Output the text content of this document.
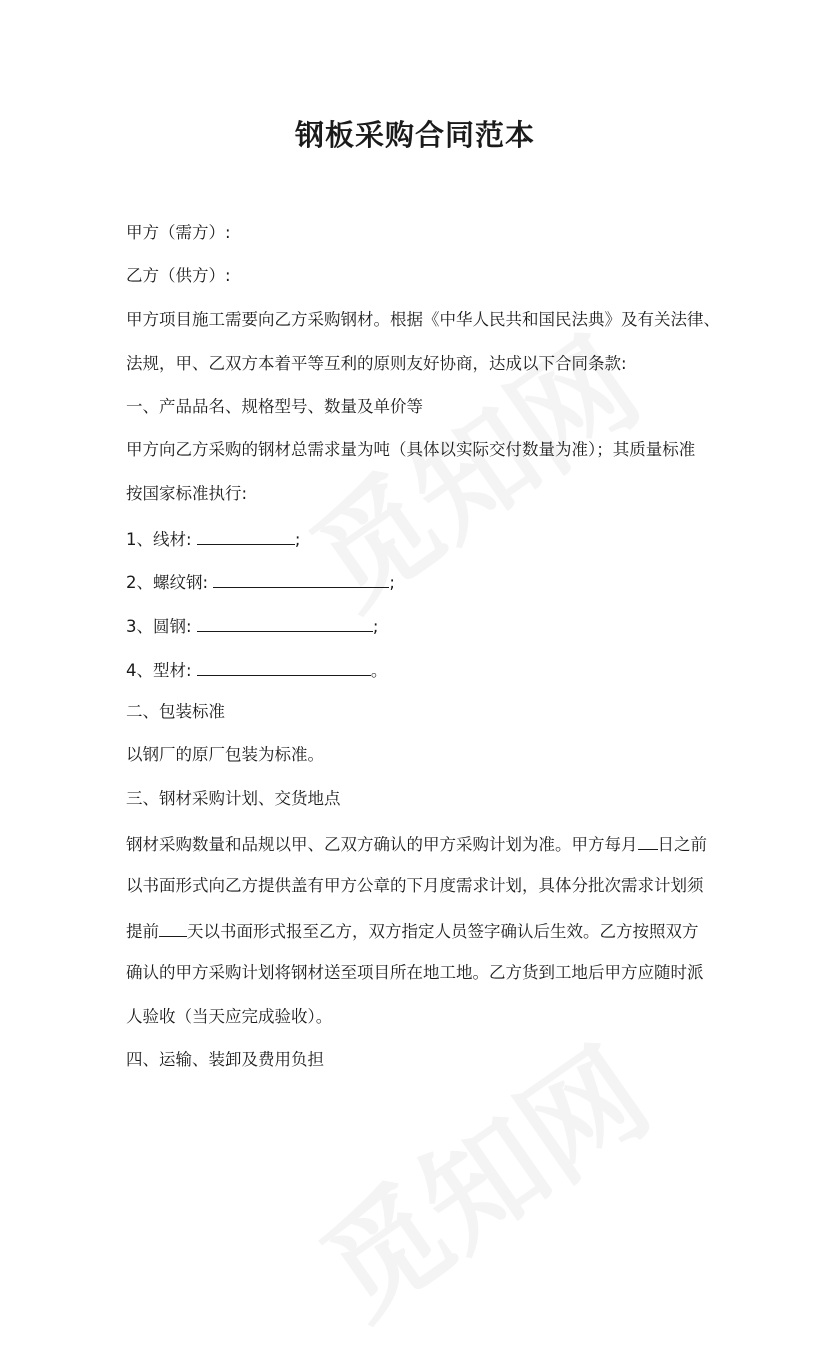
钢板采购合同范本

甲方（需方）:

乙方（供方）:

甲方项目施工需要向乙方采购钢材。根据《中华人民共和国民法典》及有关法律、

法规，甲、乙双方本着平等互利的原则友好协商，达成以下合同条款:

一、产品品名、规格型号、数量及单价等

甲方向乙方采购的钢材总需求量为吨（具体以实际交付数量为准）；其质量标准

按国家标准执行:

1、线材:	;

2、螺纹钢:	;

3、圆钢:	;

4、型材:	。

二、包装标准

以钢厂的原厂包装为标准。

三、钢材采购计划、交货地点

钢材采购数量和品规以甲、乙双方确认的甲方采购计划为准。甲方每月 日之前

以书面形式向乙方提供盖有甲方公章的下月度需求计划，具体分批次需求计划须

提前 天以书面形式报至乙方，双方指定人员签字确认后生效。乙方按照双方

确认的甲方采购计划将钢材送至项目所在地工地。乙方货到工地后甲方应随时派

人验收（当天应完成验收）。

四、运输、装卸及费用负担
